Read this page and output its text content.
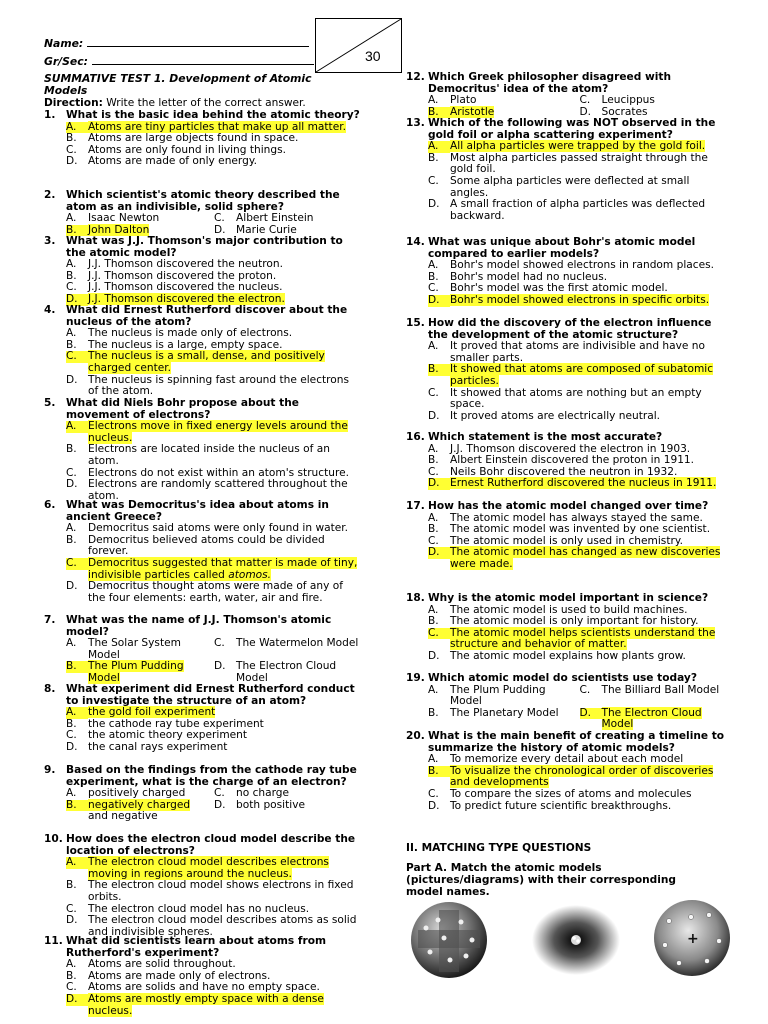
Name:
Gr/Sec:	30
SUMMATIVE TEST 1. Development of Atomic Models
Direction: Write the letter of the correct answer.
1. What is the basic idea behind the atomic theory?
A.	Atoms are tiny particles that make up all matter.
B.	Atoms are large objects found in space.
C.	Atoms are only found in living things.
D. Atoms are made of only energy.
2. Which scientist's atomic theory described the atom as an indivisible, solid sphere?
A.	Isaac Newton	C.	Albert Einstein
B.	John Dalton	D. Marie Curie
3. What was J.J. Thomson's major contribution to the atomic model?
A.	J.J. Thomson discovered the neutron.
B.	J.J. Thomson discovered the proton.
C.	J.J. Thomson discovered the nucleus.
D. J.J. Thomson discovered the electron.
4. What did Ernest Rutherford discover about the nucleus of the atom?
A.	The nucleus is made only of electrons.
B.	The nucleus is a large, empty space.
C.	The nucleus is a small, dense, and positively charged center.
D. The nucleus is spinning fast around the electrons of the atom.
5. What did Niels Bohr propose about the movement of electrons?
A.	Electrons move in fixed energy levels around the nucleus.
B.	Electrons are located inside the nucleus of an atom.
C.	Electrons do not exist within an atom's structure.
D. Electrons are randomly scattered throughout the atom.
6. What was Democritus's idea about atoms in ancient Greece?
A.	Democritus said atoms were only found in water.
B.	Democritus believed atoms could be divided forever.
C.	Democritus suggested that matter is made of tiny, indivisible particles called atomos.
D. Democritus thought atoms were made of any of the four elements: earth, water, air and fire.
7. What was the name of J.J. Thomson's atomic model?
A.	The Solar System Model
C.	The Watermelon Model
B.	The Plum Pudding Model
D. The Electron Cloud Model
8. What experiment did Ernest Rutherford conduct to investigate the structure of an atom?
A.	the gold foil experiment
B.	the cathode ray tube experiment
C.	the atomic theory experiment
D. the canal rays experiment
9. Based on the findings from the cathode ray tube experiment, what is the charge of an electron?
A.	positively charged	C.	no charge
B.	negatively charged
and negative
D. both positive
10. How does the electron cloud model describe the location of electrons?
A.	The electron cloud model describes electrons moving in regions around the nucleus.
B.	The electron cloud model shows electrons in fixed orbits.
C.	The electron cloud model has no nucleus.
D. The electron cloud model describes atoms as solid and indivisible spheres.
11. What did scientists learn about atoms from Rutherford's experiment?
A.	Atoms are solid throughout.
B.	Atoms are made only of electrons.
C.	Atoms are solids and have no empty space.
D. Atoms are mostly empty space with a dense nucleus.
12. Which Greek philosopher disagreed with Democritus' idea of the atom?
A.	Plato	C.	Leucippus
B.	Aristotle	D. Socrates
13. Which of the following was NOT observed in the gold foil or alpha scattering experiment?
A.	All alpha particles were trapped by the gold foil.
B.	Most alpha particles passed straight through the gold foil.
C.	Some alpha particles were deflected at small angles.
D. A small fraction of alpha particles was deflected backward.
14. What was unique about Bohr's atomic model compared to earlier models?
A.	Bohr's model showed electrons in random places.
B.	Bohr's model had no nucleus.
C.	Bohr's model was the first atomic model.
D. Bohr's model showed electrons in specific orbits.
15. How did the discovery of the electron influence the development of the atomic structure?
A.	It proved that atoms are indivisible and have no smaller parts.
B.	It showed that atoms are composed of subatomic particles.
C.	It showed that atoms are nothing but an empty space.
D. It proved atoms are electrically neutral.
16. Which statement is the most accurate?
A.	J.J. Thomson discovered the electron in 1903.
B.	Albert Einstein discovered the proton in 1911.
C.	Neils Bohr discovered the neutron in 1932.
D. Ernest Rutherford discovered the nucleus in 1911.
17. How has the atomic model changed over time?
A.	The atomic model has always stayed the same.
B.	The atomic model was invented by one scientist.
C.	The atomic model is only used in chemistry.
D. The atomic model has changed as new discoveries were made.
18. Why is the atomic model important in science?
A.	The atomic model is used to build machines.
B.	The atomic model is only important for history.
C.	The atomic model helps scientists understand the structure and behavior of matter.
D. The atomic model explains how plants grow.
19. Which atomic model do scientists use today?
A.	The Plum Pudding Model
C.	The Billiard Ball Model
B.	The Planetary Model	D. The Electron Cloud Model
20. What is the main benefit of creating a timeline to summarize the history of atomic models?
A.	To memorize every detail about each model
B.	To visualize the chronological order of discoveries and developments
C.	To compare the sizes of atoms and molecules
D. To predict future scientific breakthroughs.
II. MATCHING TYPE QUESTIONS
Part A. Match the atomic models (pictures/diagrams) with their corresponding model names.
+
